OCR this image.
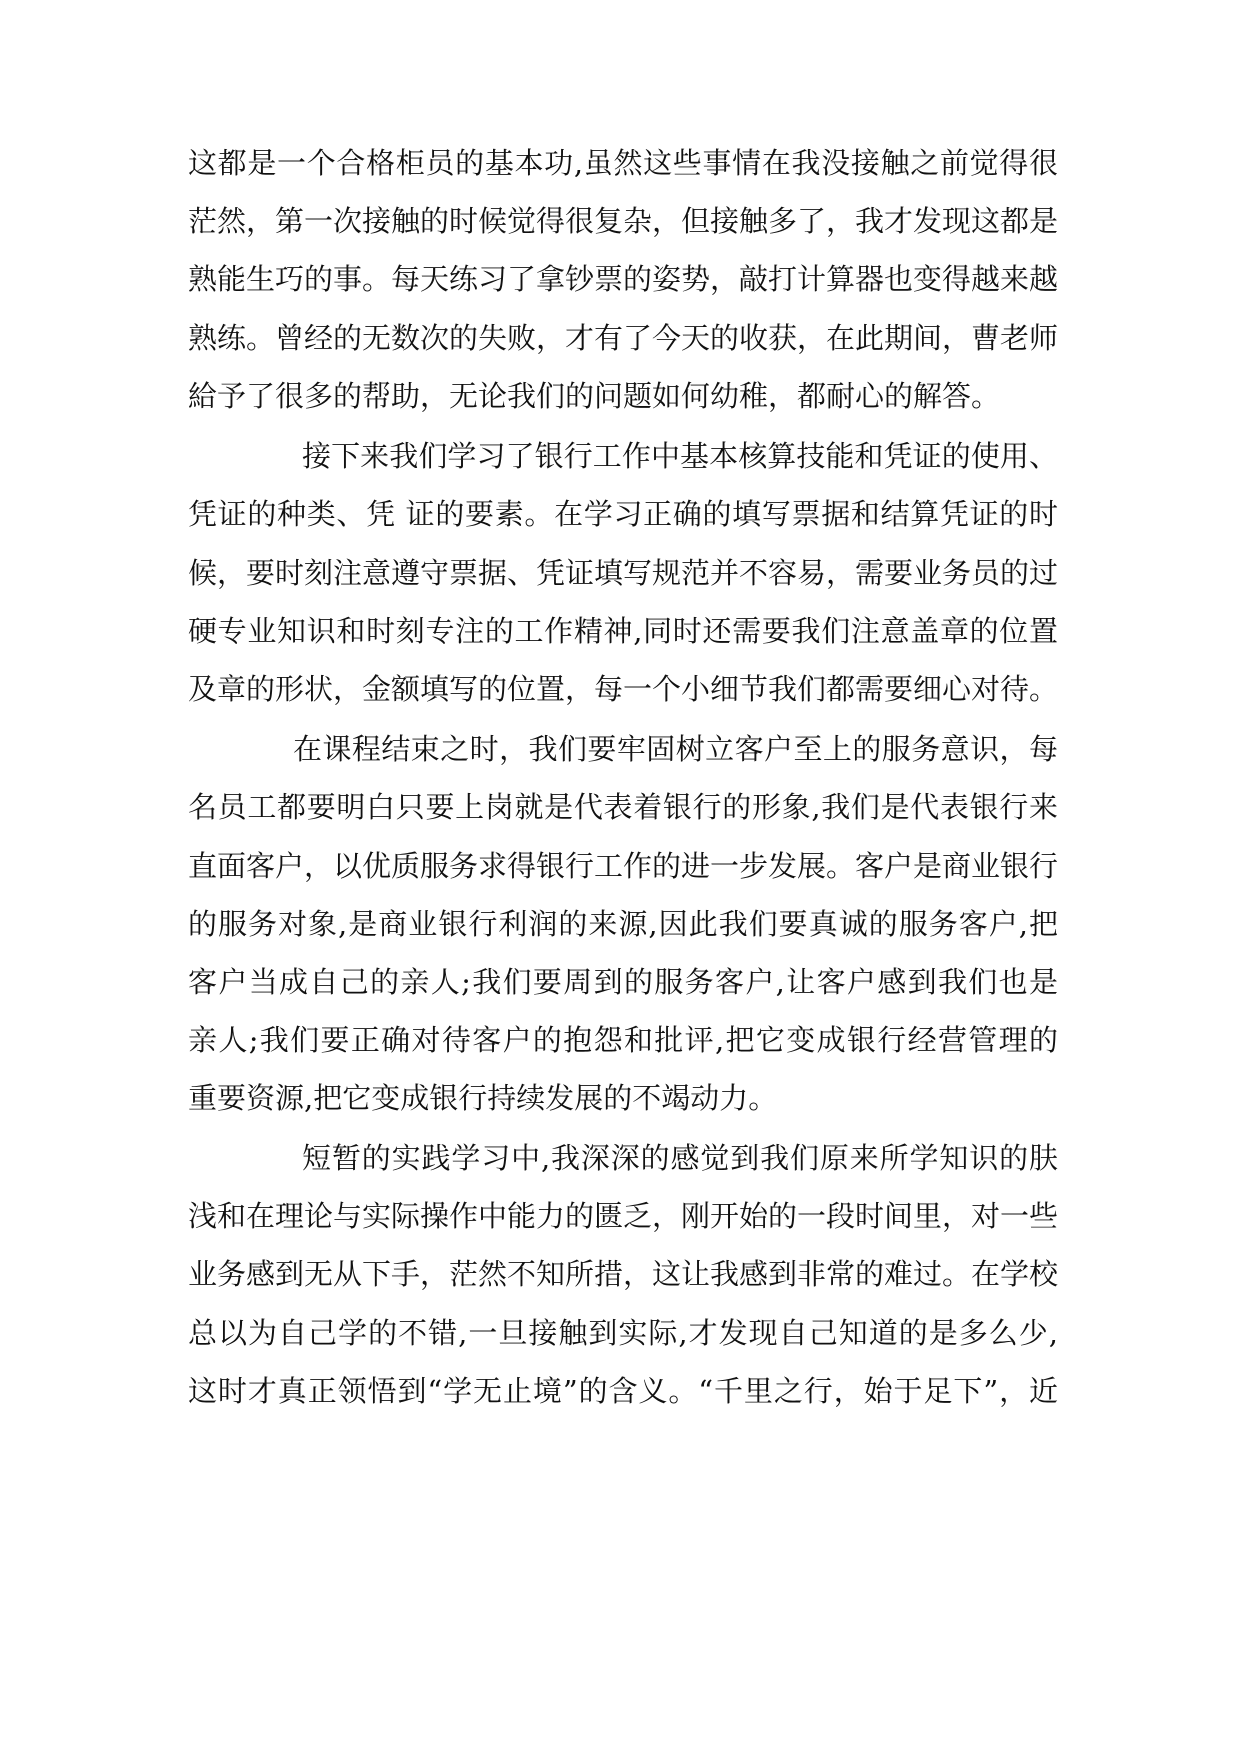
这都是一个合格柜员的基本功,虽然这些事情在我没接触之前觉得很
茫然，第一次接触的时候觉得很复杂，但接触多了，我才发现这都是
熟能生巧的事。每天练习了拿钞票的姿势，敲打计算器也变得越来越
熟练。曾经的无数次的失败，才有了今天的收获，在此期间，曹老师
給予了很多的帮助，无论我们的问题如何幼稚，都耐心的解答。
接下来我们学习了银行工作中基本核算技能和凭证的使用、
凭证的种类、凭 证的要素。在学习正确的填写票据和结算凭证的时
候，要时刻注意遵守票据、凭证填写规范并不容易，需要业务员的过
硬专业知识和时刻专注的工作精神,同时还需要我们注意盖章的位置
及章的形状，金额填写的位置，每一个小细节我们都需要细心对待。
在课程结束之时，我们要牢固树立客户至上的服务意识，每
名员工都要明白只要上岗就是代表着银行的形象,我们是代表银行来
直面客户，以优质服务求得银行工作的进一步发展。客户是商业银行
的服务对象,是商业银行利润的来源,因此我们要真诚的服务客户,把
客户当成自己的亲人;我们要周到的服务客户,让客户感到我们也是
亲人;我们要正确对待客户的抱怨和批评,把它变成银行经营管理的
重要资源,把它变成银行持续发展的不竭动力。
短暂的实践学习中,我深深的感觉到我们原来所学知识的肤
浅和在理论与实际操作中能力的匮乏，刚开始的一段时间里，对一些
业务感到无从下手，茫然不知所措，这让我感到非常的难过。在学校
总以为自己学的不错,一旦接触到实际,才发现自己知道的是多么少,
这时才真正领悟到“学无止境”的含义。“千里之行，始于足下”，近
